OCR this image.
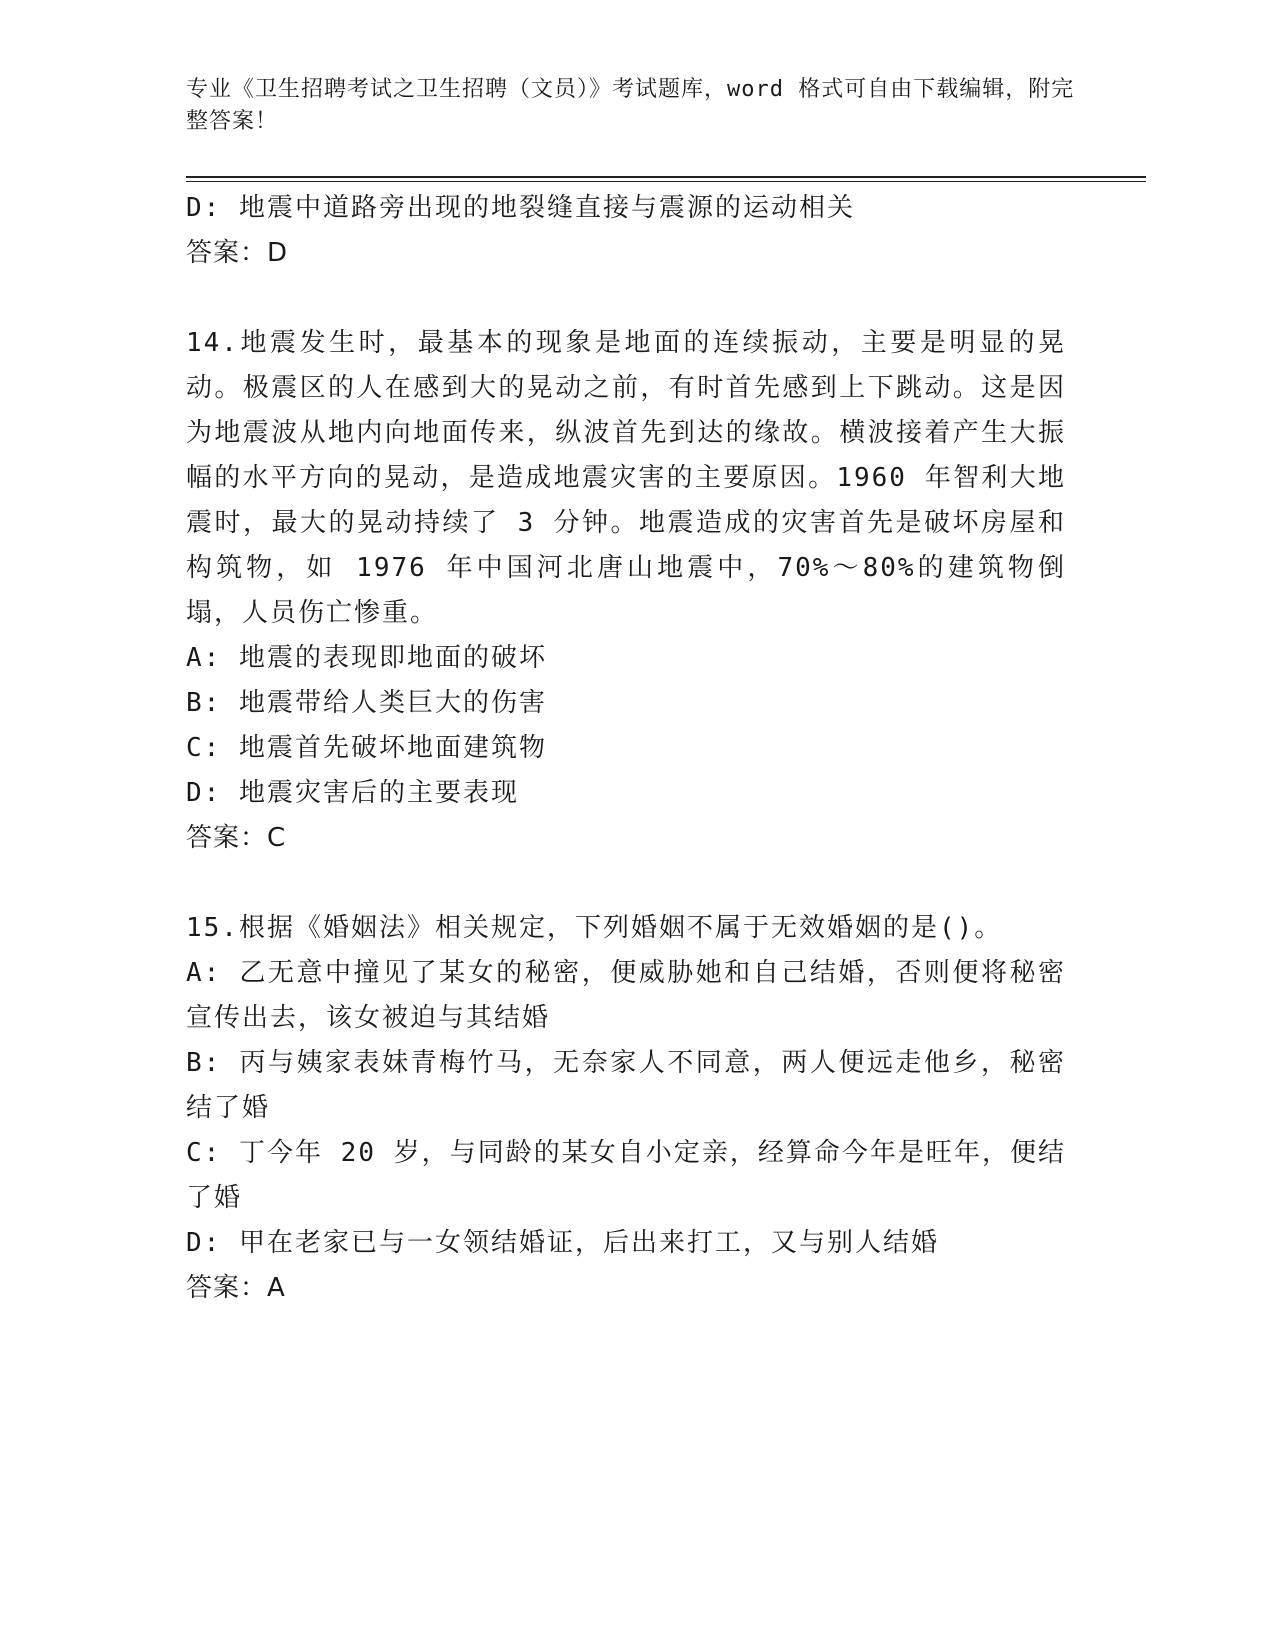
专业《卫生招聘考试之卫生招聘（文员）》考试题库，word 格式可自由下载编辑，附完整答案！
D: 地震中道路旁出现的地裂缝直接与震源的运动相关
答案：D
14.地震发生时，最基本的现象是地面的连续振动，主要是明显的晃动。极震区的人在感到大的晃动之前，有时首先感到上下跳动。这是因为地震波从地内向地面传来，纵波首先到达的缘故。横波接着产生大振幅的水平方向的晃动，是造成地震灾害的主要原因。1960 年智利大地震时，最大的晃动持续了 3 分钟。地震造成的灾害首先是破坏房屋和构筑物，如 1976 年中国河北唐山地震中，70%～80%的建筑物倒塌，人员伤亡惨重。
A: 地震的表现即地面的破坏
B: 地震带给人类巨大的伤害
C: 地震首先破坏地面建筑物
D: 地震灾害后的主要表现
答案：C
15.根据《婚姻法》相关规定，下列婚姻不属于无效婚姻的是()。
A: 乙无意中撞见了某女的秘密，便威胁她和自己结婚，否则便将秘密宣传出去，该女被迫与其结婚
B: 丙与姨家表妹青梅竹马，无奈家人不同意，两人便远走他乡，秘密结了婚
C: 丁今年 20 岁，与同龄的某女自小定亲，经算命今年是旺年，便结了婚
D: 甲在老家已与一女领结婚证，后出来打工，又与别人结婚
答案：A
